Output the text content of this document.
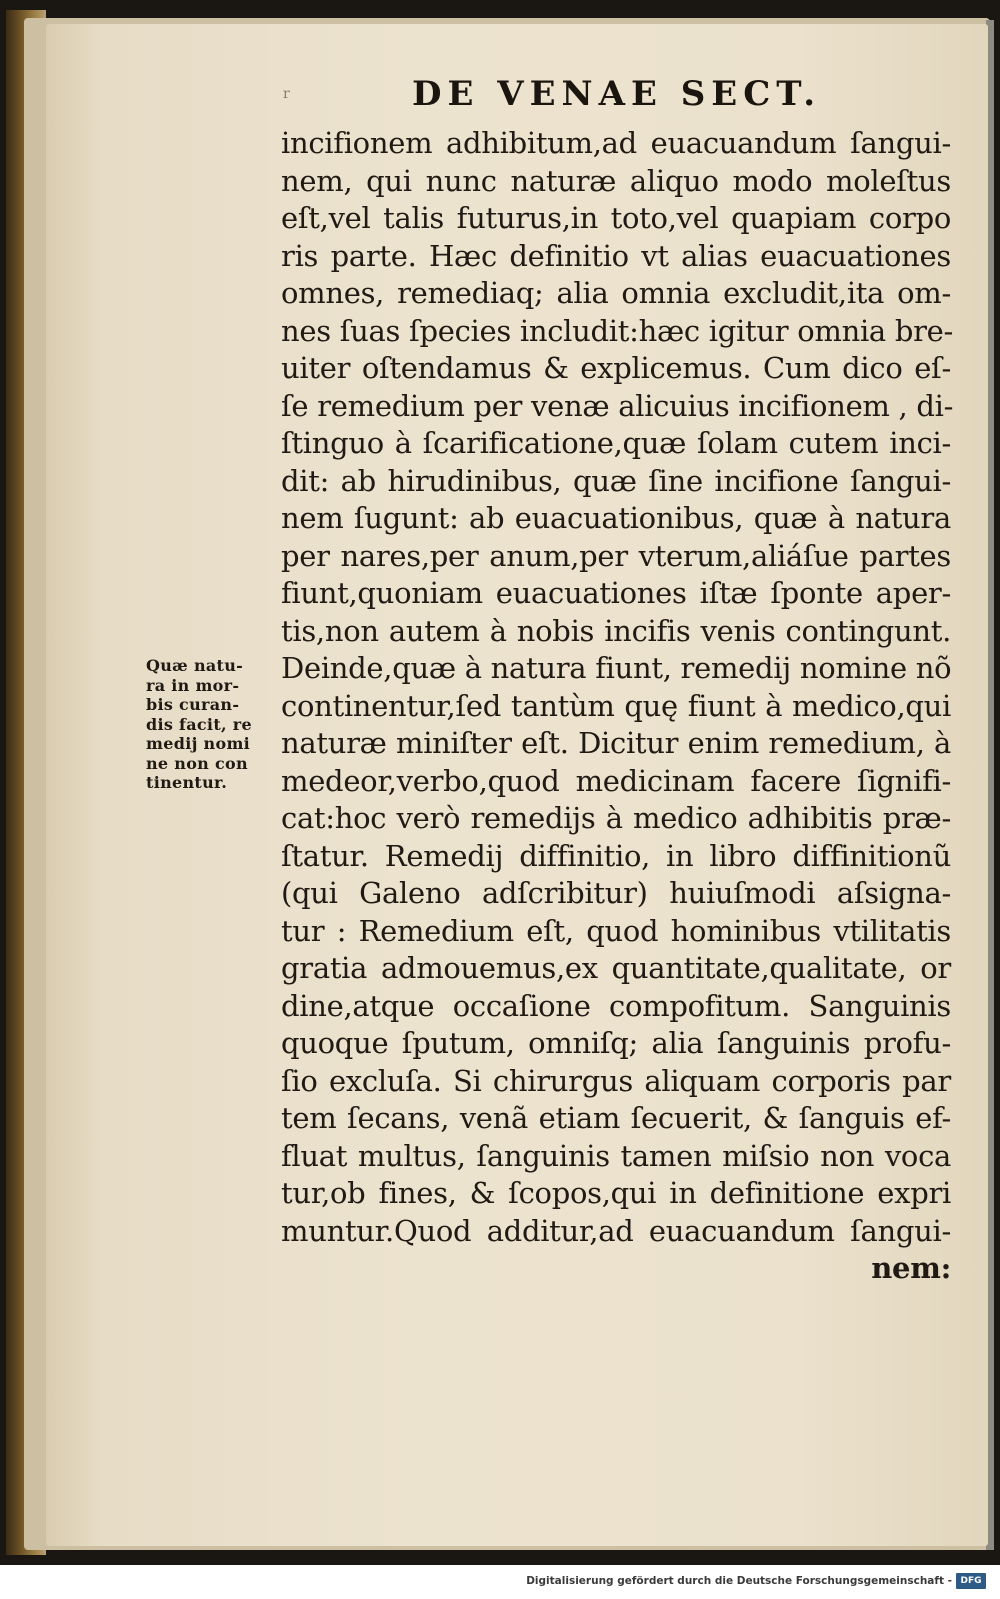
DE VENAE SECT.
r
incifionem adhibitum,ad euacuandum ſangui-
nem, qui nunc naturæ aliquo modo moleſtus
eſt,vel talis futurus,in toto,vel quapiam corpo
ris parte. Hæc definitio vt alias euacuationes
omnes, remediaq; alia omnia excludit,ita om-
nes ſuas ſpecies includit:hæc igitur omnia bre-
uiter oſtendamus & explicemus. Cum dico eſ-
ſe remedium per venæ alicuius incifionem , di-
ſtinguo à ſcarificatione,quæ ſolam cutem inci-
dit: ab hirudinibus, quæ ſine incifione ſangui-
nem ſugunt: ab euacuationibus, quæ à natura
per nares,per anum,per vterum,aliáſue partes
fiunt,quoniam euacuationes iſtæ ſponte aper-
tis,non autem à nobis incifis venis contingunt.
Deinde,quæ à natura fiunt, remedij nomine nõ
continentur,ſed tantùm quę fiunt à medico,qui
naturæ miniſter eſt. Dicitur enim remedium, à
medeor,verbo,quod medicinam facere ſignifi-
cat:hoc verò remedijs à medico adhibitis præ-
ſtatur. Remedij diffinitio, in libro diffinitionũ
(qui Galeno adſcribitur) huiuſmodi aſsigna-
tur : Remedium eſt, quod hominibus vtilitatis
gratia admouemus,ex quantitate,qualitate, or
dine,atque occaſione compofitum. Sanguinis
quoque ſputum, omniſq; alia ſanguinis profu-
ſio excluſa. Si chirurgus aliquam corporis par
tem ſecans, venã etiam ſecuerit, & ſanguis ef-
fluat multus, ſanguinis tamen miſsio non voca
tur,ob fines, & ſcopos,qui in definitione expri
muntur.Quod additur,ad euacuandum ſangui-
nem:
Quæ natu-
ra in mor-
bis curan-
dis facit, re
medij nomi
ne non con
tinentur.
Digitalisierung gefördert durch die Deutsche Forschungsgemeinschaft - DFG
